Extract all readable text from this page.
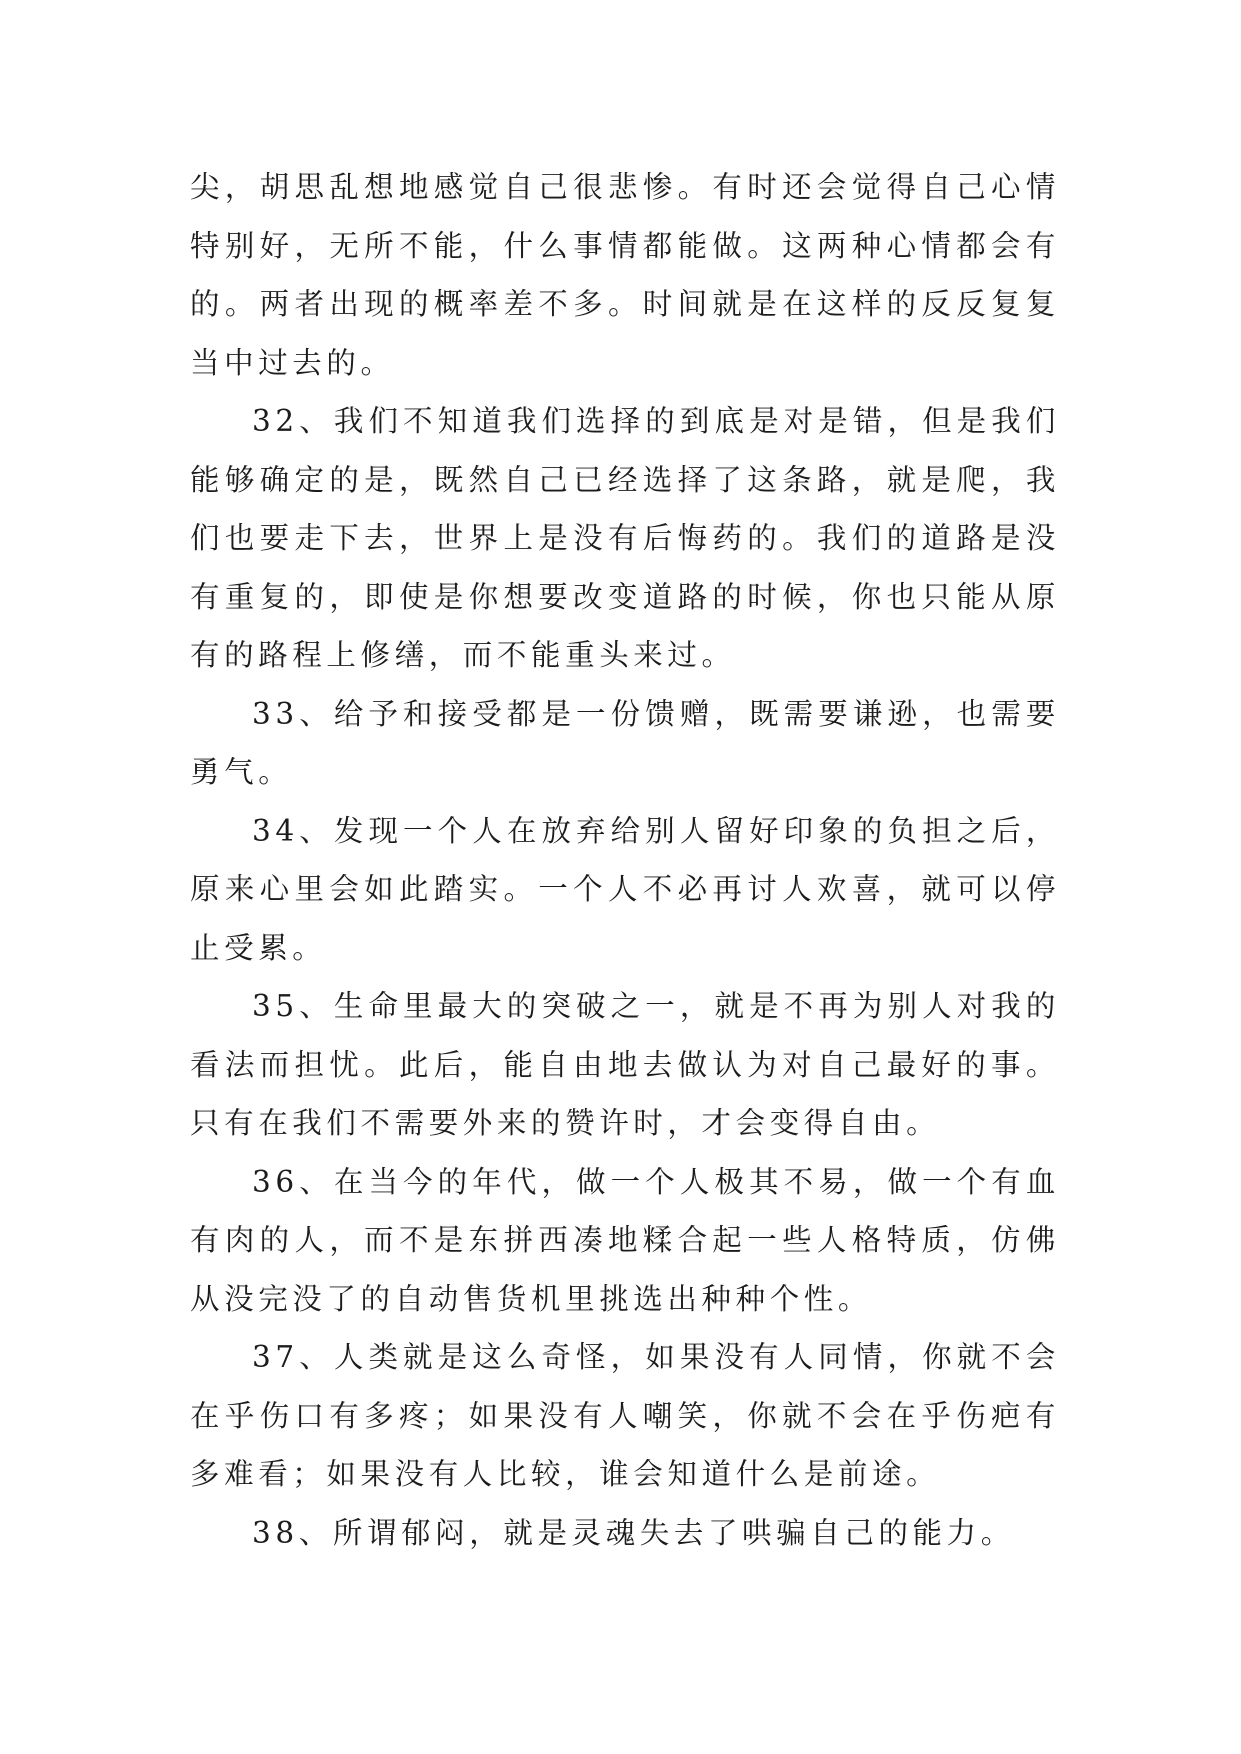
尖，胡思乱想地感觉自己很悲惨。有时还会觉得自己心情特别好，无所不能，什么事情都能做。这两种心情都会有的。两者出现的概率差不多。时间就是在这样的反反复复当中过去的。

32、我们不知道我们选择的到底是对是错，但是我们能够确定的是，既然自己已经选择了这条路，就是爬，我们也要走下去，世界上是没有后悔药的。我们的道路是没有重复的，即使是你想要改变道路的时候，你也只能从原有的路程上修缮，而不能重头来过。

33、给予和接受都是一份馈赠，既需要谦逊，也需要勇气。

34、发现一个人在放弃给别人留好印象的负担之后，原来心里会如此踏实。一个人不必再讨人欢喜，就可以停止受累。

35、生命里最大的突破之一，就是不再为别人对我的看法而担忧。此后，能自由地去做认为对自己最好的事。只有在我们不需要外来的赞许时，才会变得自由。

36、在当今的年代，做一个人极其不易，做一个有血有肉的人，而不是东拼西凑地糅合起一些人格特质，仿佛从没完没了的自动售货机里挑选出种种个性。

37、人类就是这么奇怪，如果没有人同情，你就不会在乎伤口有多疼；如果没有人嘲笑，你就不会在乎伤疤有多难看；如果没有人比较，谁会知道什么是前途。

38、所谓郁闷，就是灵魂失去了哄骗自己的能力。
